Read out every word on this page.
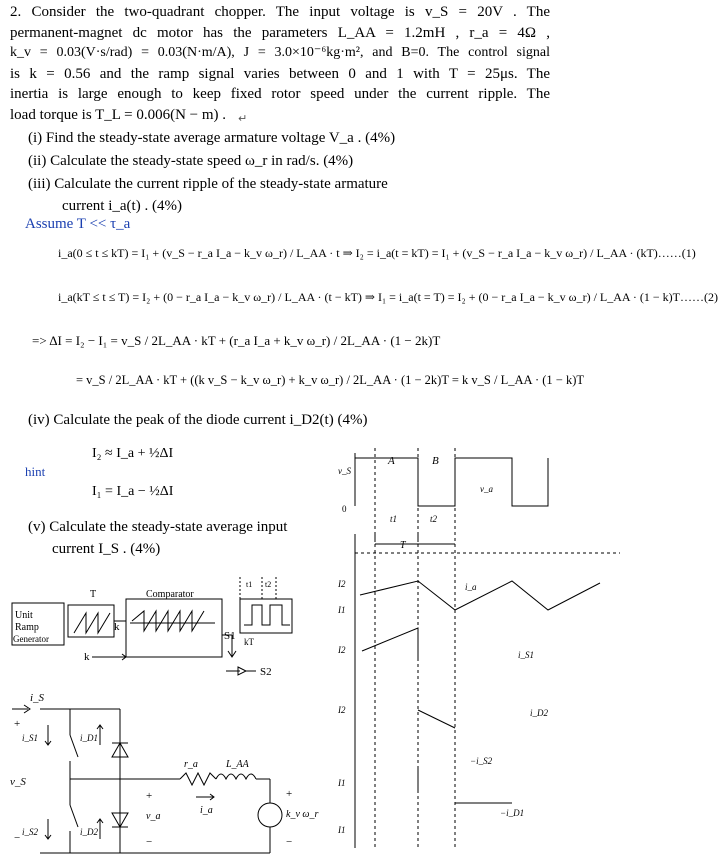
2. Consider the two-quadrant chopper. The input voltage is v_S = 20V . The
permanent-magnet dc motor has the parameters L_AA = 1.2mH , r_a = 4Ω ,
k_v = 0.03(V·s/rad) = 0.03(N·m/A), J = 3.0×10⁻⁶kg·m², and B=0. The control signal
is k = 0.56 and the ramp signal varies between 0 and 1 with T = 25μs. The
inertia is large enough to keep fixed rotor speed under the current ripple. The
load torque is T_L = 0.006(N − m) .	↵
(i) Find the steady-state average armature voltage V_a . (4%)
(ii) Calculate the steady-state speed ω_r in rad/s. (4%)
(iii) Calculate the current ripple of the steady-state armature
current i_a(t) . (4%)
Assume T << τ_a
i_a(0 ≤ t ≤ kT) = I₁ + (v_S − r_a I_a − k_v ω_r) / L_AA · t ⇒ I₂ = i_a(t = kT) = I₁ + (v_S − r_a I_a − k_v ω_r) / L_AA · (kT)……(1)
i_a(kT ≤ t ≤ T) = I₂ + (0 − r_a I_a − k_v ω_r) / L_AA · (t − kT) ⇒ I₁ = i_a(t = T) = I₂ + (0 − r_a I_a − k_v ω_r) / L_AA · (1 − k)T……(2)
=> ΔI = I₂ − I₁ = v_S / 2L_AA · kT + (r_a I_a + k_v ω_r) / 2L_AA · (1 − 2k)T
= v_S / 2L_AA · kT + ((k v_S − k_v ω_r) + k_v ω_r) / 2L_AA · (1 − 2k)T = k v_S / L_AA · (1 − k)T
(iv) Calculate the peak of the diode current i_D2(t) (4%)
I₂ ≈ I_a + ½ΔI
hint
I₁ = I_a − ½ΔI
(v) Calculate the steady-state average input
current I_S . (4%)
Unit
Ramp
Generator
Comparator
T
k
k
S1
S2
t1 t2
kT
i_S
i_S1	i_D1
i_S2	i_D2
v_S
r_a	L_AA
i_a
v_a	k_v ω_r
+
−
+
−
+
−
A	B
v_S
v_a
0
t1	t2
T
I2
I1
i_a
I2	i_S1
I2	i_D2
−i_S2
I1
−i_D1
I1
